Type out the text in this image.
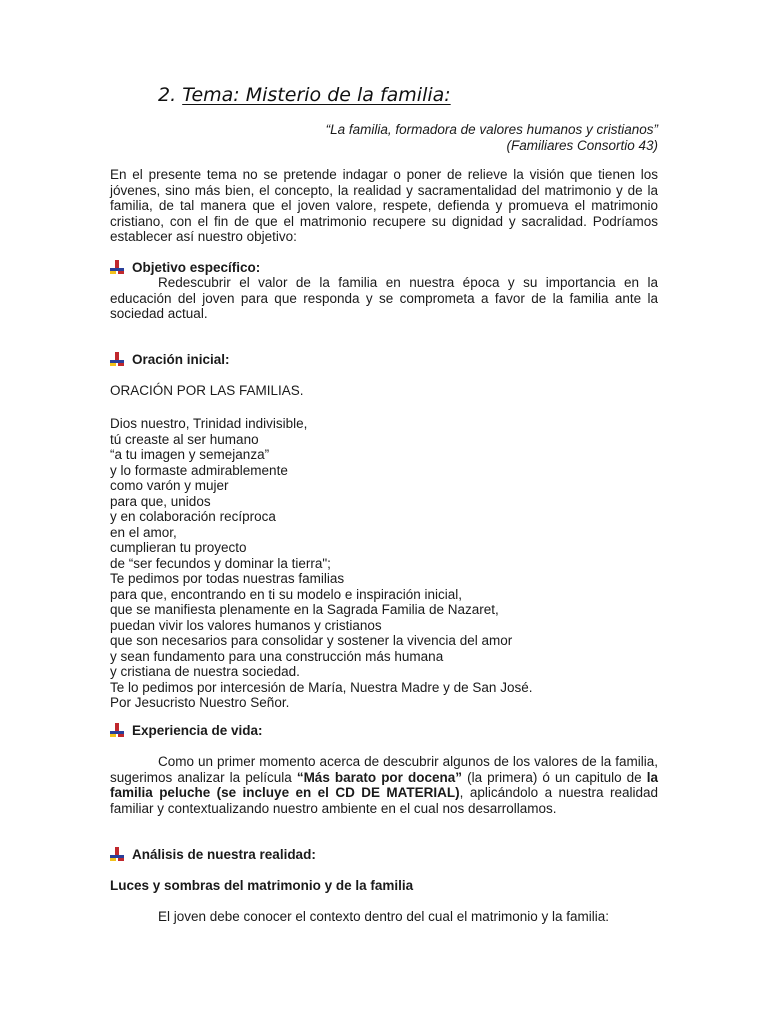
2. Tema: Misterio de la familia:
“La familia, formadora de valores humanos y cristianos”
(Familiares Consortio 43)
En el presente tema no se pretende indagar o poner de relieve la visión que tienen los jóvenes, sino más bien, el concepto, la realidad y sacramentalidad del matrimonio y de la familia, de tal manera que el joven valore, respete, defienda y promueva el matrimonio cristiano, con el fin de que el matrimonio recupere su dignidad y sacralidad. Podríamos establecer así nuestro objetivo:
Objetivo específico:
Redescubrir el valor de la familia en nuestra época y su importancia en la educación del joven para que responda y se comprometa a favor de la familia ante la sociedad actual.
Oración inicial:
ORACIÓN POR LAS FAMILIAS.
Dios nuestro, Trinidad indivisible,
tú creaste al ser humano
“a tu imagen y semejanza”
y lo formaste admirablemente
como varón y mujer
para que, unidos
y en colaboración recíproca
en el amor,
cumplieran tu proyecto
de “ser fecundos y dominar la tierra";
Te pedimos por todas nuestras familias
para que, encontrando en ti su modelo e inspiración inicial,
que se manifiesta plenamente en la Sagrada Familia de Nazaret,
puedan vivir los valores humanos y cristianos
que son necesarios para consolidar y sostener la vivencia del amor
y sean fundamento para una construcción más humana
y cristiana de nuestra sociedad.
Te lo pedimos por intercesión de María, Nuestra Madre y de San José.
Por Jesucristo Nuestro Señor.
Experiencia de vida:
Como un primer momento acerca de descubrir algunos de los valores de la familia, sugerimos analizar la película “Más barato por docena” (la primera) ó un capitulo de la familia peluche (se incluye en el CD DE MATERIAL), aplicándolo a nuestra realidad familiar y contextualizando nuestro ambiente en el cual nos desarrollamos.
Análisis de nuestra realidad:
Luces y sombras del matrimonio y de la familia
El joven debe conocer el contexto dentro del cual el matrimonio y la familia:
